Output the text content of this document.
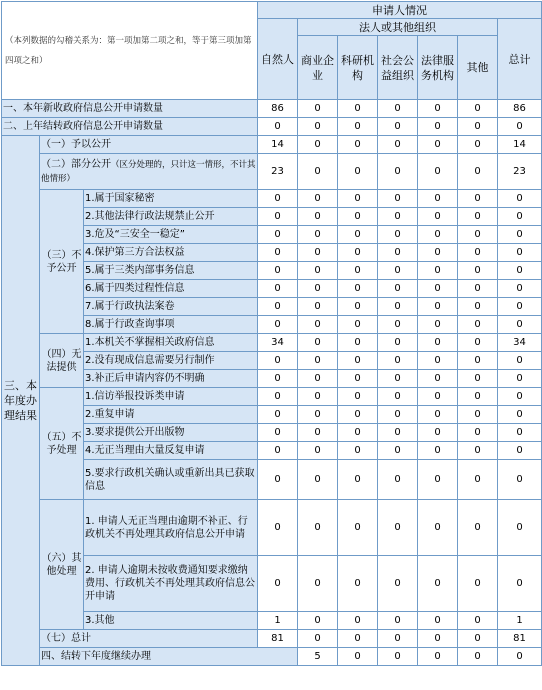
（本列数据的勾稽关系为：第一项加第二项之和，等于第三项加第四项之和）			申请人情况							
			自然人	法人或其他组织					总计	
				商业企业	科研机构	社会公益组织	法律服务机构	其他		
一、本年新收政府信息公开申请数量			86	0	0	0	0	0	86	
二、上年结转政府信息公开申请数量			0	0	0	0	0	0	0	
三、本年度办理结果	（一）予以公开		14	0	0	0	0	0	14	
	（二）部分公开（区分处理的，只计这一情形，不计其他情形）		23	0	0	0	0	0	23	
	（三）不予公开	1.属于国家秘密	0	0	0	0	0	0	0	
		2.其他法律行政法规禁止公开	0	0	0	0	0	0	0	
		3.危及“三安全一稳定”	0	0	0	0	0	0	0	
		4.保护第三方合法权益	0	0	0	0	0	0	0	
		5.属于三类内部事务信息	0	0	0	0	0	0	0	
		6.属于四类过程性信息	0	0	0	0	0	0	0	
		7.属于行政执法案卷	0	0	0	0	0	0	0	
		8.属于行政查询事项	0	0	0	0	0	0	0	
	（四）无法提供	1.本机关不掌握相关政府信息	34	0	0	0	0	0	34	
		2.没有现成信息需要另行制作	0	0	0	0	0	0	0	
		3.补正后申请内容仍不明确	0	0	0	0	0	0	0	
	（五）不予处理	1.信访举报投诉类申请	0	0	0	0	0	0	0	
		2.重复申请	0	0	0	0	0	0	0	
		3.要求提供公开出版物	0	0	0	0	0	0	0	
		4.无正当理由大量反复申请	0	0	0	0	0	0	0	
		5.要求行政机关确认或重新出具已获取信息	0	0	0	0	0	0	0	
	（六）其他处理	1. 申请人无正当理由逾期不补正、行政机关不再处理其政府信息公开申请	0	0	0	0	0	0	0	
		2. 申请人逾期未按收费通知要求缴纳费用、行政机关不再处理其政府信息公开申请	0	0	0	0	0	0	0	
		3.其他	1	0	0	0	0	0	1	
	（七）总计		81	0	0	0	0	0	81	
	四、结转下年度继续办理			5	0	0	0	0	0	
